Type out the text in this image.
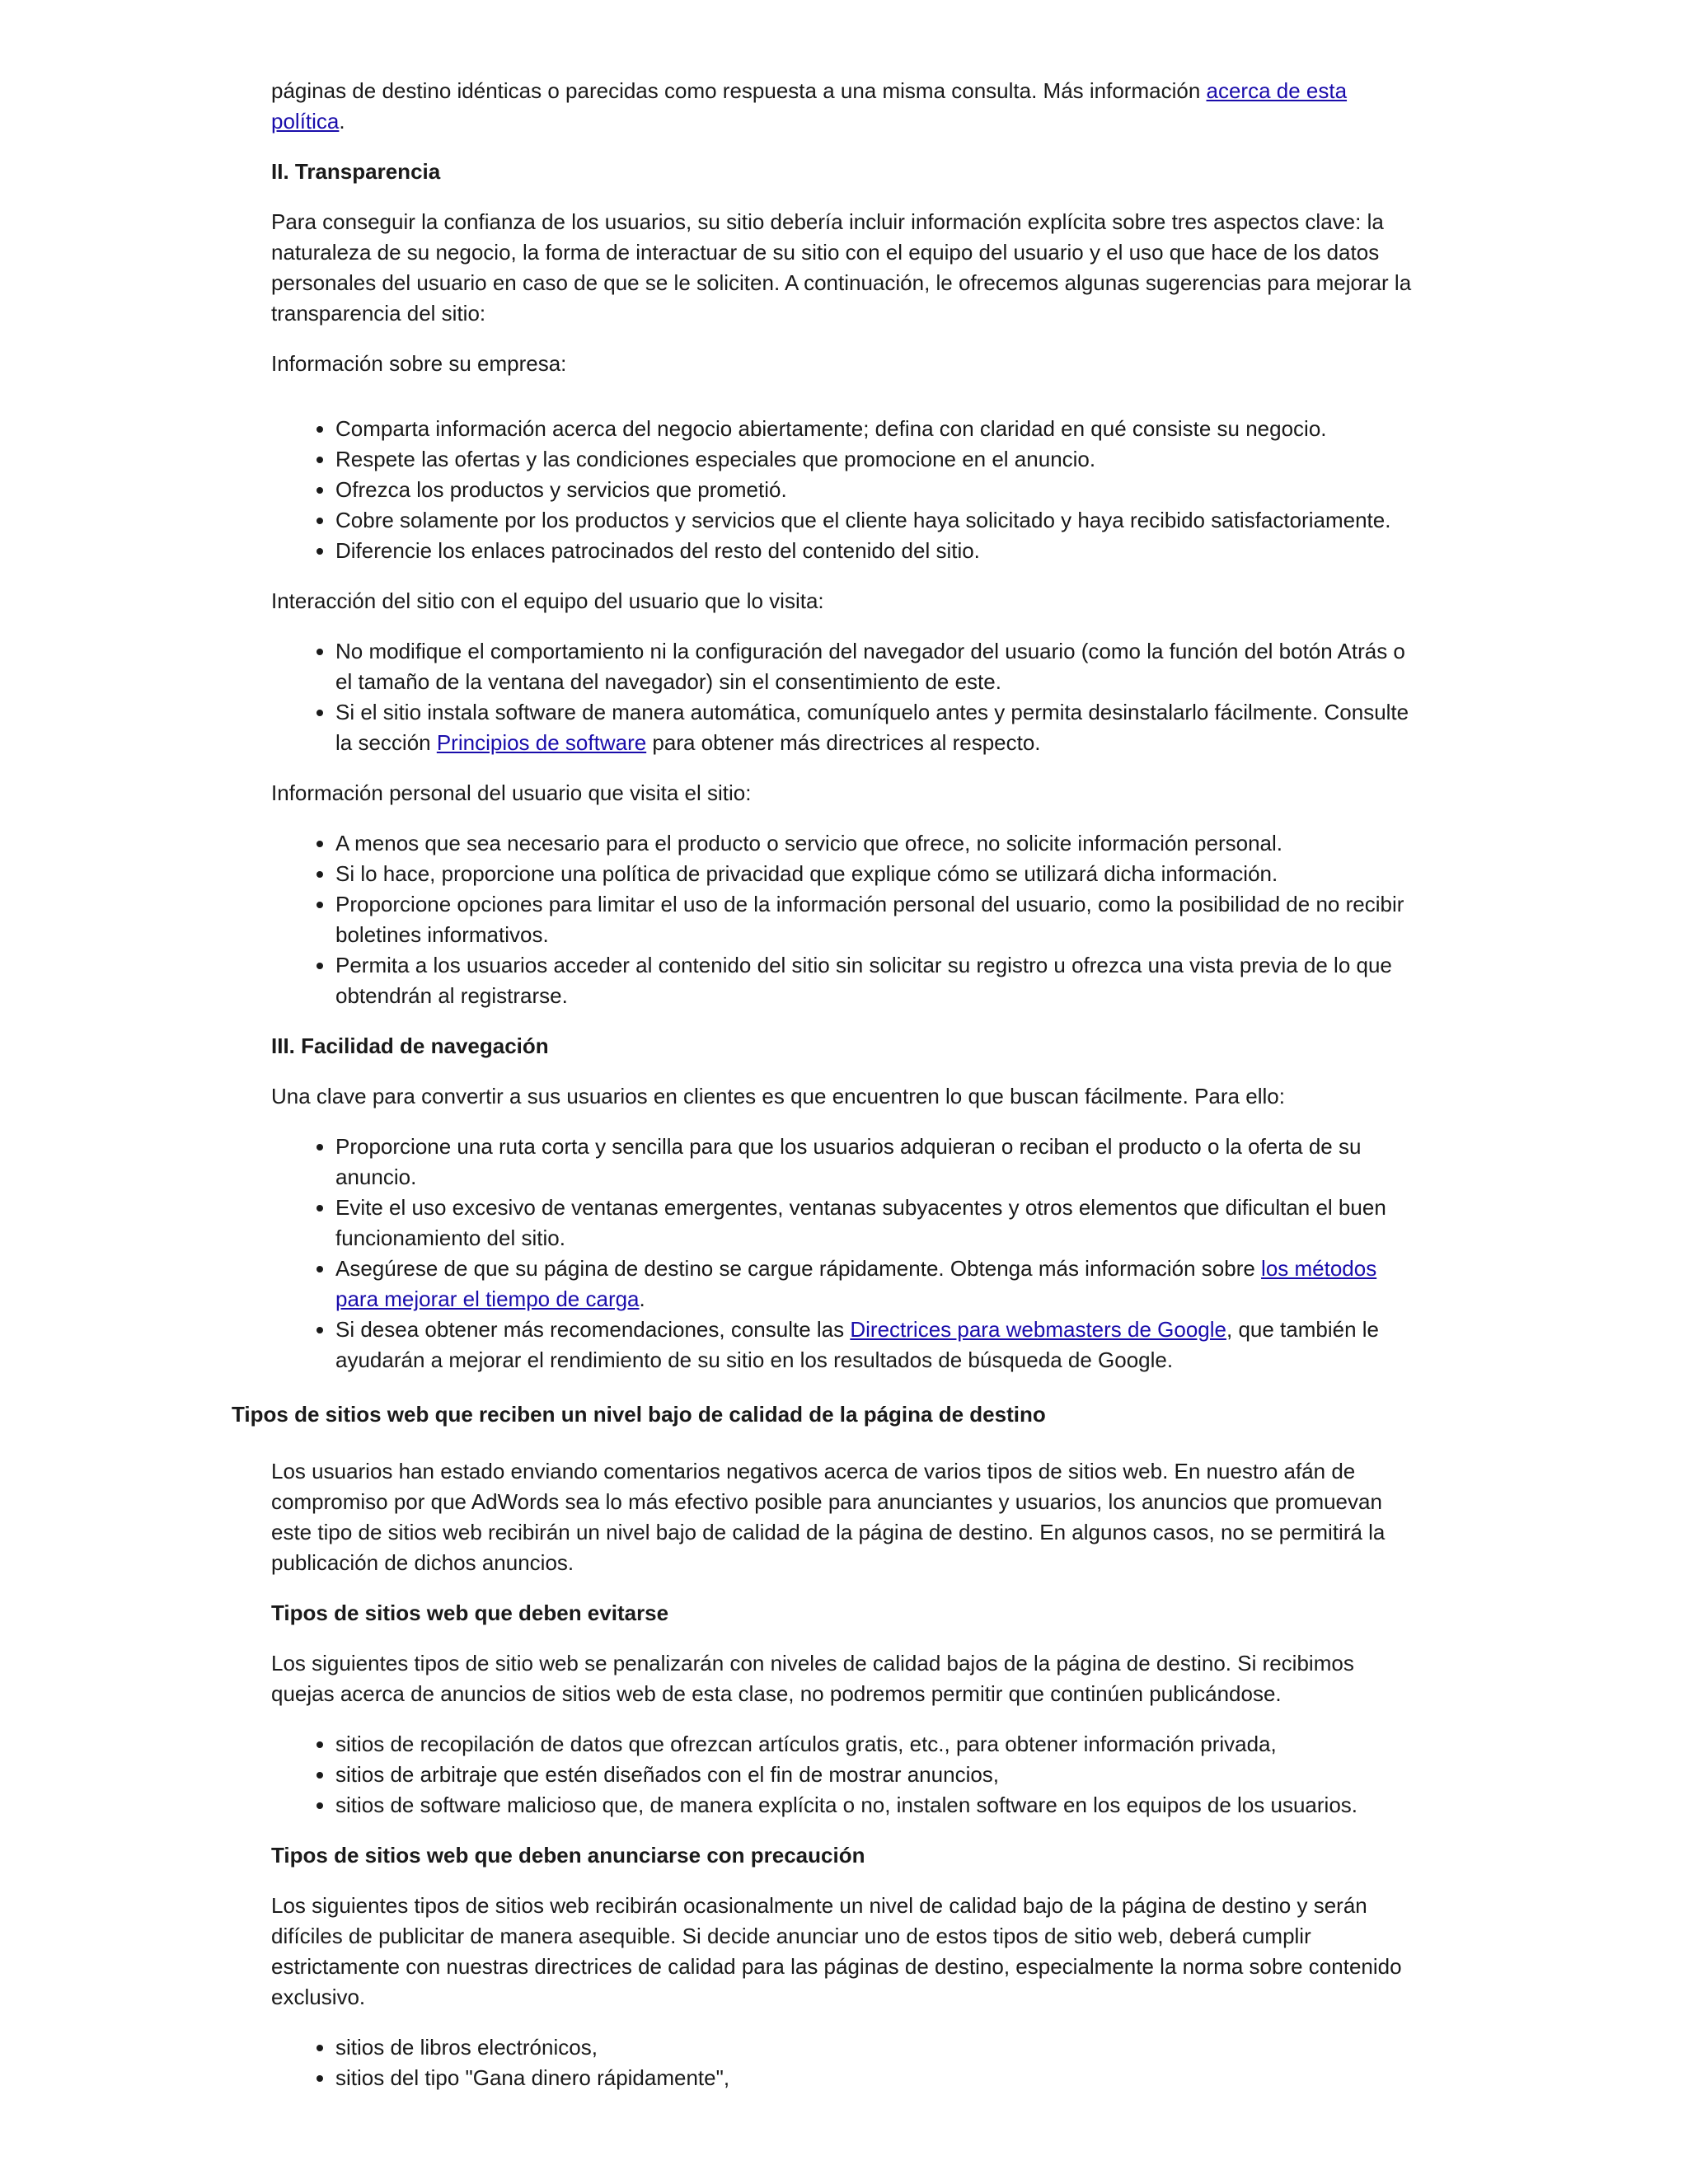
páginas de destino idénticas o parecidas como respuesta a una misma consulta. Más información acerca de esta política.

II. Transparencia

Para conseguir la confianza de los usuarios, su sitio debería incluir información explícita sobre tres aspectos clave: la naturaleza de su negocio, la forma de interactuar de su sitio con el equipo del usuario y el uso que hace de los datos personales del usuario en caso de que se le soliciten. A continuación, le ofrecemos algunas sugerencias para mejorar la transparencia del sitio:

Información sobre su empresa:

• Comparta información acerca del negocio abiertamente; defina con claridad en qué consiste su negocio.
• Respete las ofertas y las condiciones especiales que promocione en el anuncio.
• Ofrezca los productos y servicios que prometió.
• Cobre solamente por los productos y servicios que el cliente haya solicitado y haya recibido satisfactoriamente.
• Diferencie los enlaces patrocinados del resto del contenido del sitio.

Interacción del sitio con el equipo del usuario que lo visita:

• No modifique el comportamiento ni la configuración del navegador del usuario (como la función del botón Atrás o el tamaño de la ventana del navegador) sin el consentimiento de este.
• Si el sitio instala software de manera automática, comuníquelo antes y permita desinstalarlo fácilmente. Consulte la sección Principios de software para obtener más directrices al respecto.

Información personal del usuario que visita el sitio:

• A menos que sea necesario para el producto o servicio que ofrece, no solicite información personal.
• Si lo hace, proporcione una política de privacidad que explique cómo se utilizará dicha información.
• Proporcione opciones para limitar el uso de la información personal del usuario, como la posibilidad de no recibir boletines informativos.
• Permita a los usuarios acceder al contenido del sitio sin solicitar su registro u ofrezca una vista previa de lo que obtendrán al registrarse.

III. Facilidad de navegación

Una clave para convertir a sus usuarios en clientes es que encuentren lo que buscan fácilmente. Para ello:

• Proporcione una ruta corta y sencilla para que los usuarios adquieran o reciban el producto o la oferta de su anuncio.
• Evite el uso excesivo de ventanas emergentes, ventanas subyacentes y otros elementos que dificultan el buen funcionamiento del sitio.
• Asegúrese de que su página de destino se cargue rápidamente. Obtenga más información sobre los métodos para mejorar el tiempo de carga.
• Si desea obtener más recomendaciones, consulte las Directrices para webmasters de Google, que también le ayudarán a mejorar el rendimiento de su sitio en los resultados de búsqueda de Google.

Tipos de sitios web que reciben un nivel bajo de calidad de la página de destino

Los usuarios han estado enviando comentarios negativos acerca de varios tipos de sitios web. En nuestro afán de compromiso por que AdWords sea lo más efectivo posible para anunciantes y usuarios, los anuncios que promuevan este tipo de sitios web recibirán un nivel bajo de calidad de la página de destino. En algunos casos, no se permitirá la publicación de dichos anuncios.

Tipos de sitios web que deben evitarse

Los siguientes tipos de sitio web se penalizarán con niveles de calidad bajos de la página de destino. Si recibimos quejas acerca de anuncios de sitios web de esta clase, no podremos permitir que continúen publicándose.

• sitios de recopilación de datos que ofrezcan artículos gratis, etc., para obtener información privada,
• sitios de arbitraje que estén diseñados con el fin de mostrar anuncios,
• sitios de software malicioso que, de manera explícita o no, instalen software en los equipos de los usuarios.

Tipos de sitios web que deben anunciarse con precaución

Los siguientes tipos de sitios web recibirán ocasionalmente un nivel de calidad bajo de la página de destino y serán difíciles de publicitar de manera asequible. Si decide anunciar uno de estos tipos de sitio web, deberá cumplir estrictamente con nuestras directrices de calidad para las páginas de destino, especialmente la norma sobre contenido exclusivo.

• sitios de libros electrónicos,
• sitios del tipo "Gana dinero rápidamente",
